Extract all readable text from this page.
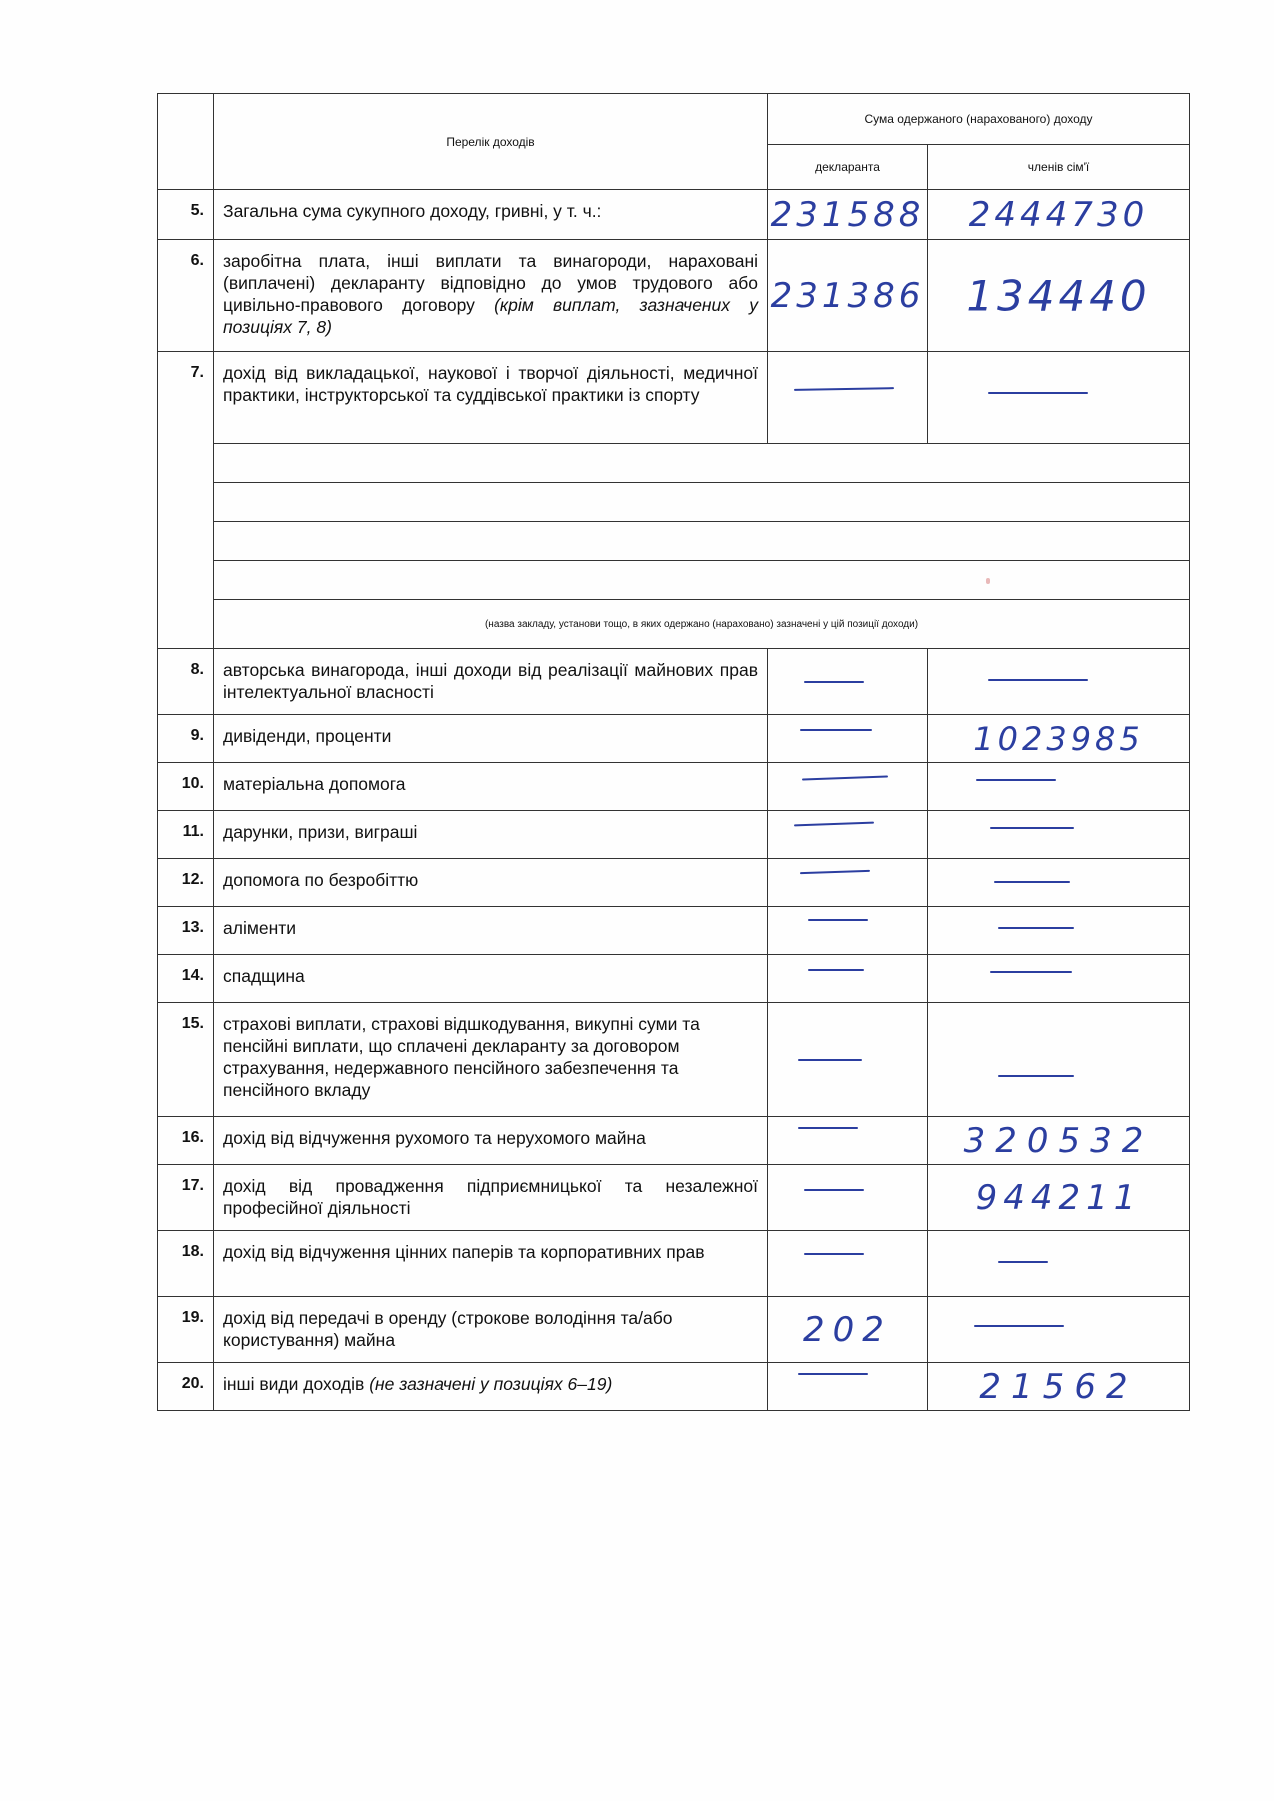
	Перелік доходів	Сума одержаного (нарахованого) доходу	
		декларанта	членів сім'ї
5.	Загальна сума сукупного доходу, гривні, у т. ч.:	231588	2444730

6.	заробітна плата, інші виплати та винагороди, нараховані (виплачені) декларанту відповідно до умов трудового або цивільно-правового договору (крім виплат, зазначених у позиціях 7, 8)	231386	134440

7.	дохід від викладацької, наукової і творчої діяльності, медичної практики, інструкторської та суддівської практики із спорту	

	(назва закладу, установи тощо, в яких одержано (нараховано) зазначені у цій позиції доходи)		
8.	авторська винагорода, інші доходи від реалізації майнових прав інтелектуальної власності	

9.	дивіденди, проценти		1023985

10.	матеріальна допомога	

11.	дарунки, призи, виграші	

12.	допомога по безробіттю	

13.	аліменти	

14.	спадщина	

15.	страхові виплати, страхові відшкодування, викупні суми та пенсійні виплати, що сплачені декларанту за договором страхування, недержавного пенсійного забезпечення та пенсійного вкладу	

16.	дохід від відчуження рухомого та нерухомого майна		320532

17.	дохід від провадження підприємницької та незалежної професійної діяльності		944211

18.	дохід від відчуження цінних паперів та корпоративних прав	

19.	дохід від передачі в оренду (строкове володіння та/або користування) майна	202	

20.	інші види доходів (не зазначені у позиціях 6–19)		21562
